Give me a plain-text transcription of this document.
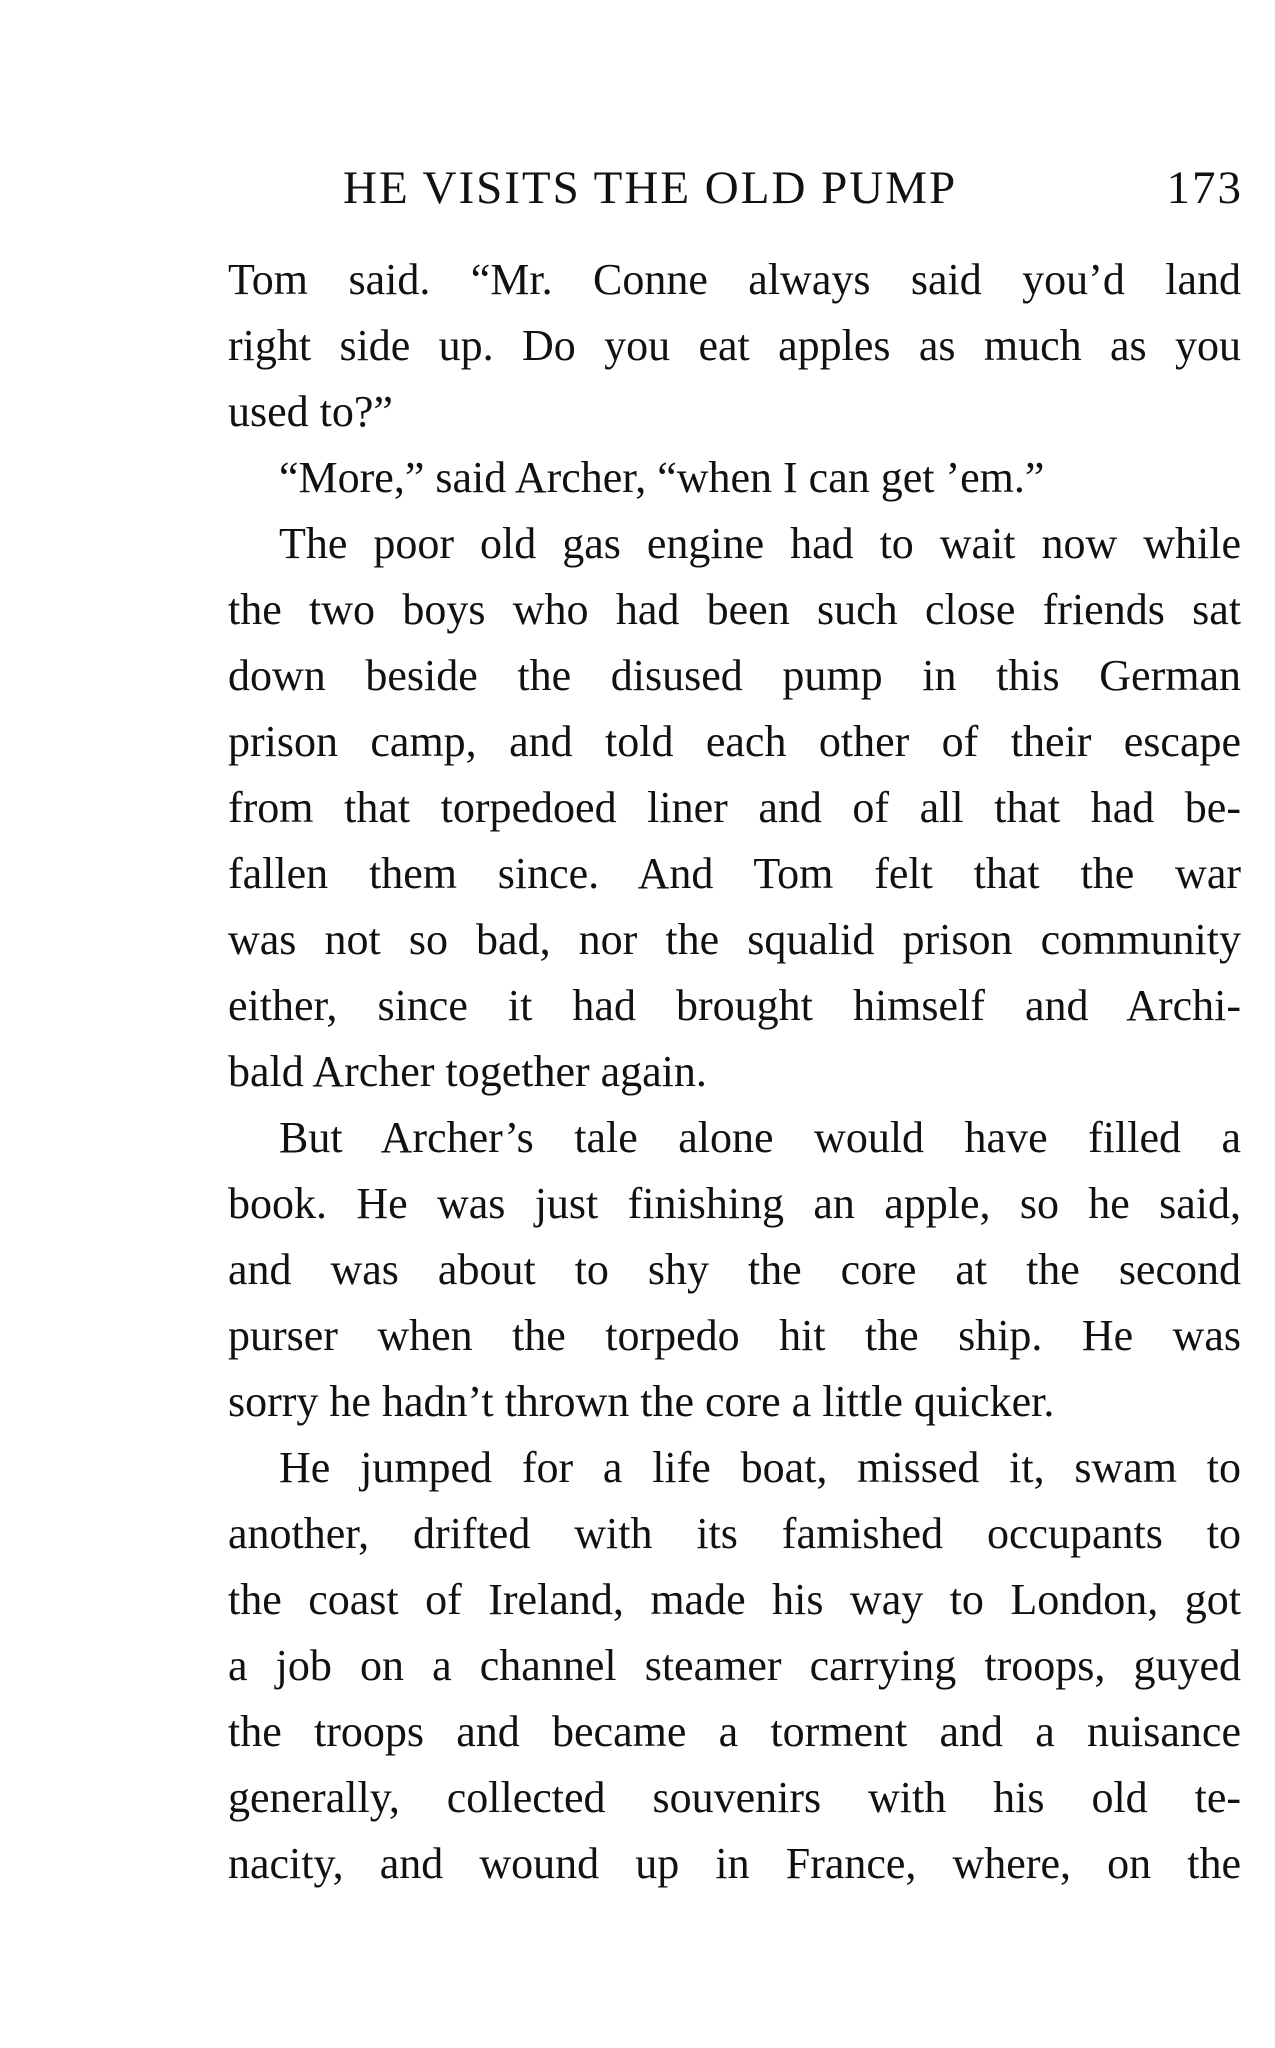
HE VISITS THE OLD PUMP	173
Tom said. “Mr. Conne always said you’d land
right side up. Do you eat apples as much as you
used to?”
“More,” said Archer, “when I can get ’em.”
The poor old gas engine had to wait now while
the two boys who had been such close friends sat
down beside the disused pump in this German
prison camp, and told each other of their escape
from that torpedoed liner and of all that had be-
fallen them since. And Tom felt that the war
was not so bad, nor the squalid prison community
either, since it had brought himself and Archi-
bald Archer together again.
But Archer’s tale alone would have filled a
book. He was just finishing an apple, so he said,
and was about to shy the core at the second
purser when the torpedo hit the ship. He was
sorry he hadn’t thrown the core a little quicker.
He jumped for a life boat, missed it, swam to
another, drifted with its famished occupants to
the coast of Ireland, made his way to London, got
a job on a channel steamer carrying troops, guyed
the troops and became a torment and a nuisance
generally, collected souvenirs with his old te-
nacity, and wound up in France, where, on the
